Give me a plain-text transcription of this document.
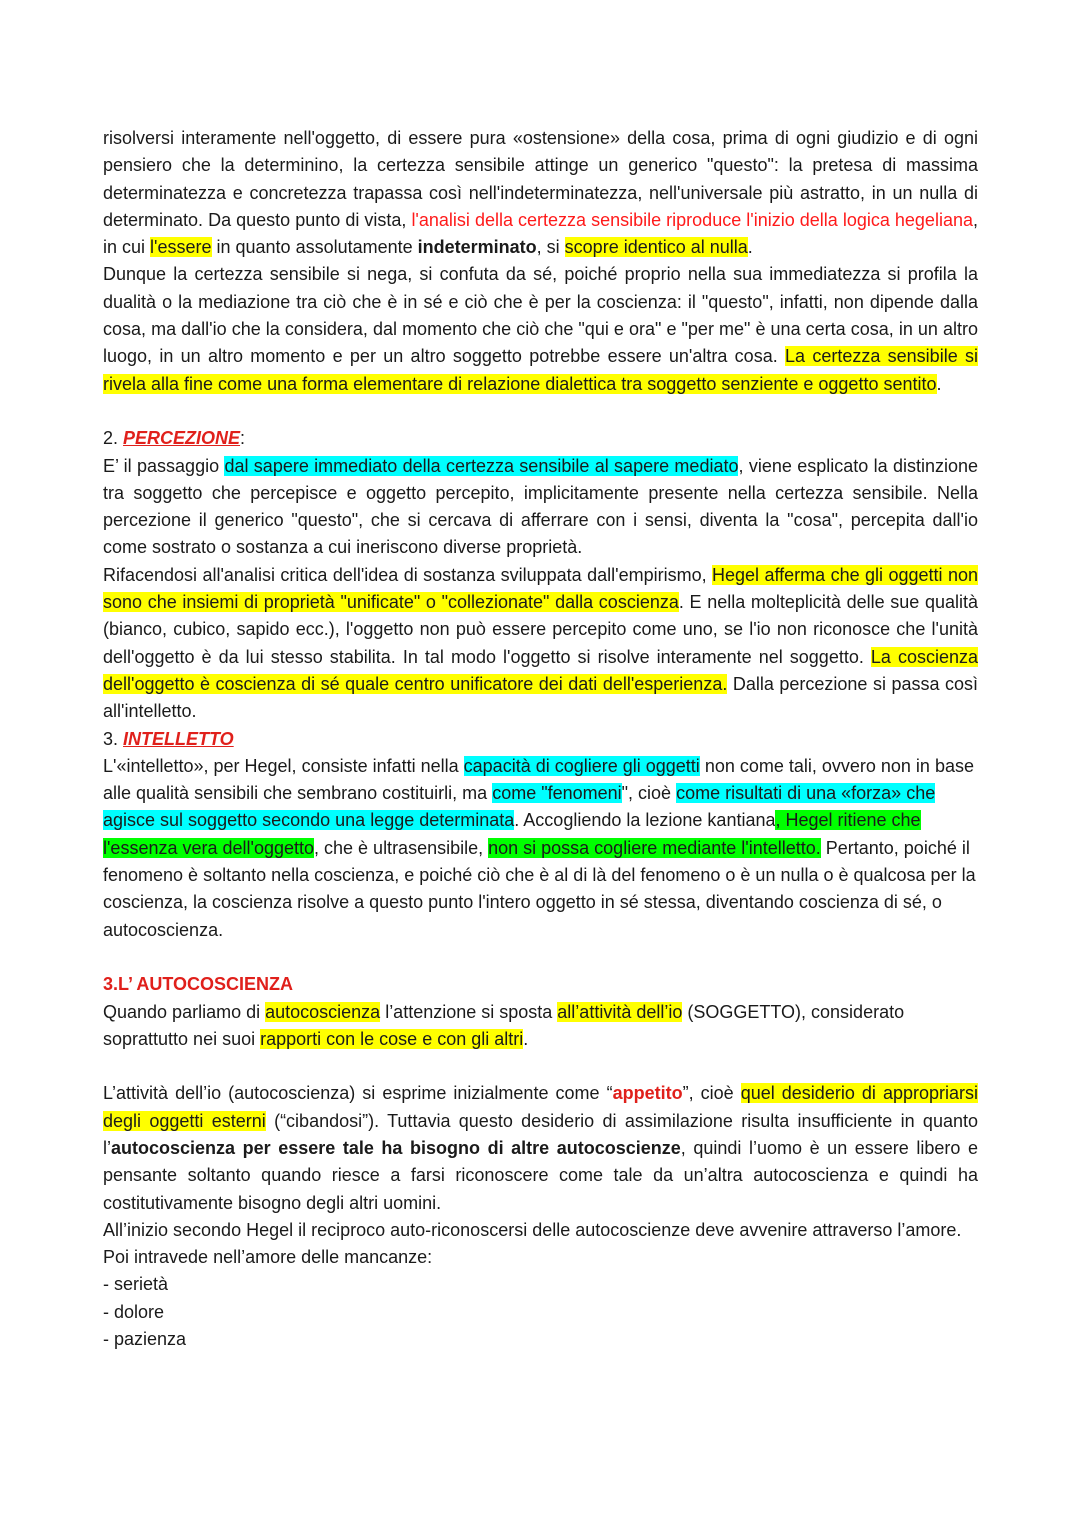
risolversi interamente nell'oggetto, di essere pura «ostensione» della cosa, prima di ogni giudizio e di ogni pensiero che la determinino, la certezza sensibile attinge un generico "questo": la pretesa di massima determinatezza e concretezza trapassa così nell'indeterminatezza, nell'universale più astratto, in un nulla di determinato. Da questo punto di vista, l'analisi della certezza sensibile riproduce l'inizio della logica hegeliana, in cui l'essere in quanto assolutamente indeterminato, si scopre identico al nulla.

Dunque la certezza sensibile si nega, si confuta da sé, poiché proprio nella sua immediatezza si profila la dualità o la mediazione tra ciò che è in sé e ciò che è per la coscienza: il "questo", infatti, non dipende dalla cosa, ma dall'io che la considera, dal momento che ciò che "qui e ora" e "per me" è una certa cosa, in un altro luogo, in un altro momento e per un altro soggetto potrebbe essere un'altra cosa. La certezza sensibile si rivela alla fine come una forma elementare di relazione dialettica tra soggetto senziente e oggetto sentito.

2. PERCEZIONE:

E’ il passaggio dal sapere immediato della certezza sensibile al sapere mediato, viene esplicato la distinzione tra soggetto che percepisce e oggetto percepito, implicitamente presente nella certezza sensibile. Nella percezione il generico "questo", che si cercava di afferrare con i sensi, diventa la "cosa", percepita dall'io come sostrato o sostanza a cui ineriscono diverse proprietà.

Rifacendosi all'analisi critica dell'idea di sostanza sviluppata dall'empirismo, Hegel afferma che gli oggetti non sono che insiemi di proprietà "unificate" o "collezionate" dalla coscienza. E nella molteplicità delle sue qualità (bianco, cubico, sapido ecc.), l'oggetto non può essere percepito come uno, se l'io non riconosce che l'unità dell'oggetto è da lui stesso stabilita. In tal modo l'oggetto si risolve interamente nel soggetto. La coscienza dell'oggetto è coscienza di sé quale centro unificatore dei dati dell'esperienza. Dalla percezione si passa così all'intelletto.

3. INTELLETTO

L'«intelletto», per Hegel, consiste infatti nella capacità di cogliere gli oggetti non come tali, ovvero non in base alle qualità sensibili che sembrano costituirli, ma come "fenomeni", cioè come risultati di una «forza» che agisce sul soggetto secondo una legge determinata. Accogliendo la lezione kantiana, Hegel ritiene che l'essenza vera dell'oggetto, che è ultrasensibile, non si possa cogliere mediante l'intelletto. Pertanto, poiché il fenomeno è soltanto nella coscienza, e poiché ciò che è al di là del fenomeno o è un nulla o è qualcosa per la coscienza, la coscienza risolve a questo punto l'intero oggetto in sé stessa, diventando coscienza di sé, o autocoscienza.

3.L’ AUTOCOSCIENZA

Quando parliamo di autocoscienza l’attenzione si sposta all’attività dell’io (SOGGETTO), considerato soprattutto nei suoi rapporti con le cose e con gli altri.

L’attività dell’io (autocoscienza) si esprime inizialmente come “appetito”, cioè quel desiderio di appropriarsi degli oggetti esterni (“cibandosi”). Tuttavia questo desiderio di assimilazione risulta insufficiente in quanto l’autocoscienza per essere tale ha bisogno di altre autocoscienze, quindi l’uomo è un essere libero e pensante soltanto quando riesce a farsi riconoscere come tale da un’altra autocoscienza e quindi ha costitutivamente bisogno degli altri uomini.

All’inizio secondo Hegel il reciproco auto-riconoscersi delle autocoscienze deve avvenire attraverso l’amore. Poi intravede nell’amore delle mancanze:

- serietà
- dolore
- pazienza
